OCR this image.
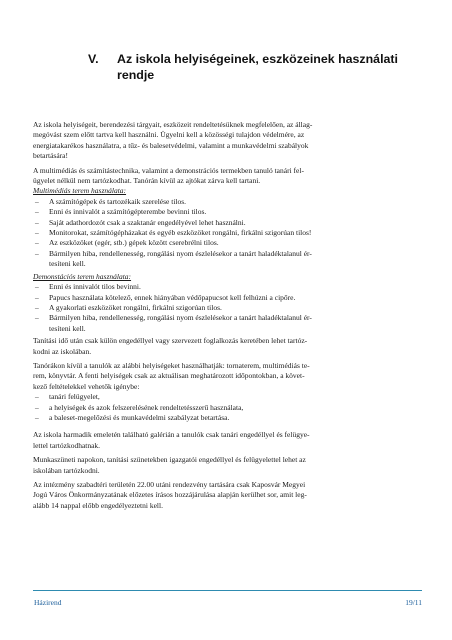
V. Az iskola helyiségeinek, eszközeinek használati
rendje

Az iskola helyiségeit, berendezési tárgyait, eszközeit rendeltetésüknek megfelelően, az állag-
megóvást szem előtt tartva kell használni. Ügyelni kell a közösségi tulajdon védelmére, az
energiatakarékos használatra, a tűz- és balesetvédelmi, valamint a munkavédelmi szabályok
betartására!

A multimédiás és számítástechnika, valamint a demonstrációs termekben tanuló tanári fel-
ügyelet nélkül nem tartózkodhat. Tanórán kívül az ajtókat zárva kell tartani.

Multimédiás terem használata:

– A számítógépek és tartozékaik szerelése tilos.
– Enni és innivalót a számítógépterembe bevinni tilos.
– Saját adathordozót csak a szaktanár engedélyével lehet használni.
– Monitorokat, számítógépházakat és egyéb eszközöket rongálni, firkálni szigorúan tilos!
– Az eszközöket (egér, stb.) gépek között cserebrélni tilos.
– Bármilyen hiba, rendellenesség, rongálási nyom észlelésekor a tanárt haladéktalanul ér-
tesíteni kell.

Demonstációs terem használata:

– Enni és innivalót tilos bevinni.
– Papucs használata kötelező, ennek hiányában védőpapucsot kell felhúzni a cipőre.
– A gyakorlati eszközöket rongálni, firkálni szigorúan tilos.
– Bármilyen hiba, rendellenesség, rongálási nyom észlelésekor a tanárt haladéktalanul ér-
tesíteni kell.

Tanítási idő után csak külön engedéllyel vagy szervezett foglalkozás keretében lehet tartóz-
kodni az iskolában.

Tanórákon kívül a tanulók az alábbi helyiségeket használhatják: tornaterem, multimédiás te-
rem, könyvtár. A fenti helyiségek csak az aktuálisan meghatározott időpontokban, a követ-
kező feltételekkel vehetők igénybe:

– tanári felügyelet,
– a helyiségek és azok felszerelésének rendeltetésszerű használata,
– a baleset-megelőzési és munkavédelmi szabályzat betartása.

Az iskola harmadik emeletén található galérián a tanulók csak tanári engedéllyel és felügye-
lettel tartózkodhatnak.

Munkaszüneti napokon, tanítási szünetekben igazgatói engedéllyel és felügyelettel lehet az
iskolában tartózkodni.

Az intézmény szabadtéri területén 22.00 utáni rendezvény tartására csak Kaposvár Megyei
Jogú Város Önkormányzatának előzetes írásos hozzájárulása alapján kerülhet sor, amit leg-
alább 14 nappal előbb engedélyeztetni kell.

Házirend	19/11
